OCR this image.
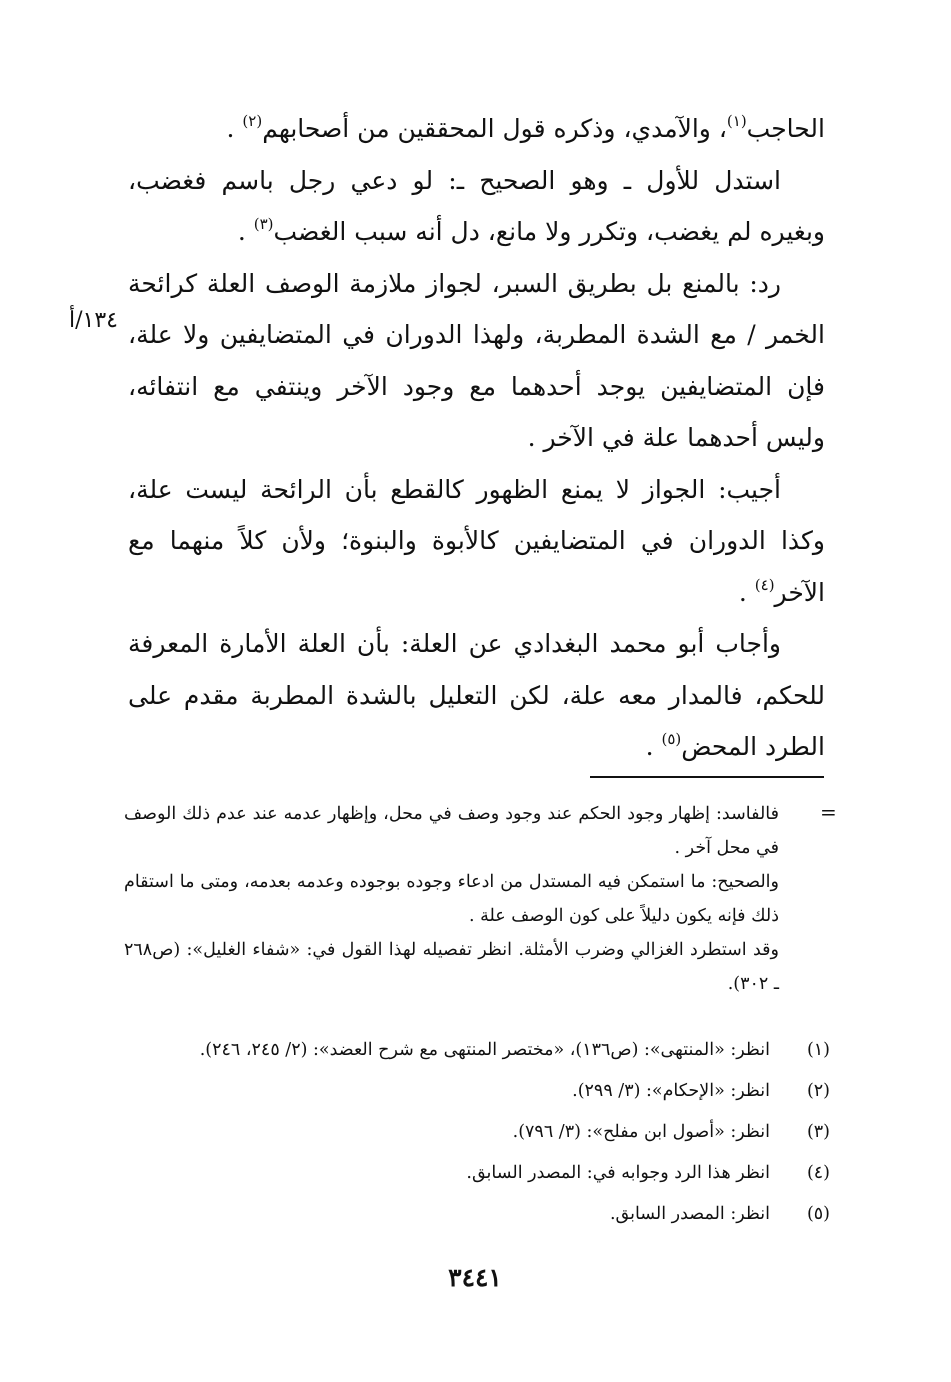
الحاجب$^{(١)}$، والآمدي، وذكره قول المحققين من أصحابهم$^{(٢)}$ .

استدل للأول ـ وهو الصحيح ـ: لو دعي رجل باسم فغضب، وبغيره لم يغضب، وتكرر ولا مانع، دل أنه سبب الغضب$^{(٣)}$ .

رد: بالمنع بل بطريق السبر، لجواز ملازمة الوصف العلة كرائحة الخمر / مع الشدة المطربة، ولهذا الدوران في المتضايفين ولا علة، فإن المتضايفين يوجد أحدهما مع وجود الآخر وينتفي مع انتفائه، وليس أحدهما علة في الآخر .

أجيب: الجواز لا يمنع الظهور كالقطع بأن الرائحة ليست علة، وكذا الدوران في المتضايفين كالأبوة والبنوة؛ ولأن كلاً منهما مع الآخر$^{(٤)}$ .

وأجاب أبو محمد البغدادي عن العلة: بأن العلة الأمارة المعرفة للحكم، فالمدار معه علة، لكن التعليل بالشدة المطربة مقدم على الطرد المحض$^{(٥)}$ .

١٣٤/أ
=

فالفاسد: إظهار وجود الحكم عند وجود وصف في محل، وإظهار عدمه عند عدم ذلك الوصف في محل آخر .

والصحيح: ما استمكن فيه المستدل من ادعاء وجوده بوجوده وعدمه بعدمه، ومتى ما استقام ذلك فإنه يكون دليلاً على كون الوصف علة .

وقد استطرد الغزالي وضرب الأمثلة. انظر تفصيله لهذا القول في: «شفاء الغليل»: (ص٢٦٨ ـ ٣٠٢).

(١)انظر: «المنتهى»: (ص١٣٦)، «مختصر المنتهى مع شرح العضد»: (٢/ ٢٤٥، ٢٤٦).
(٢)انظر: «الإحكام»: (٣/ ٢٩٩).
(٣)انظر: «أصول ابن مفلح»: (٣/ ٧٩٦).
(٤)انظر هذا الرد وجوابه في: المصدر السابق.
(٥)انظر: المصدر السابق.
٣٤٤١
